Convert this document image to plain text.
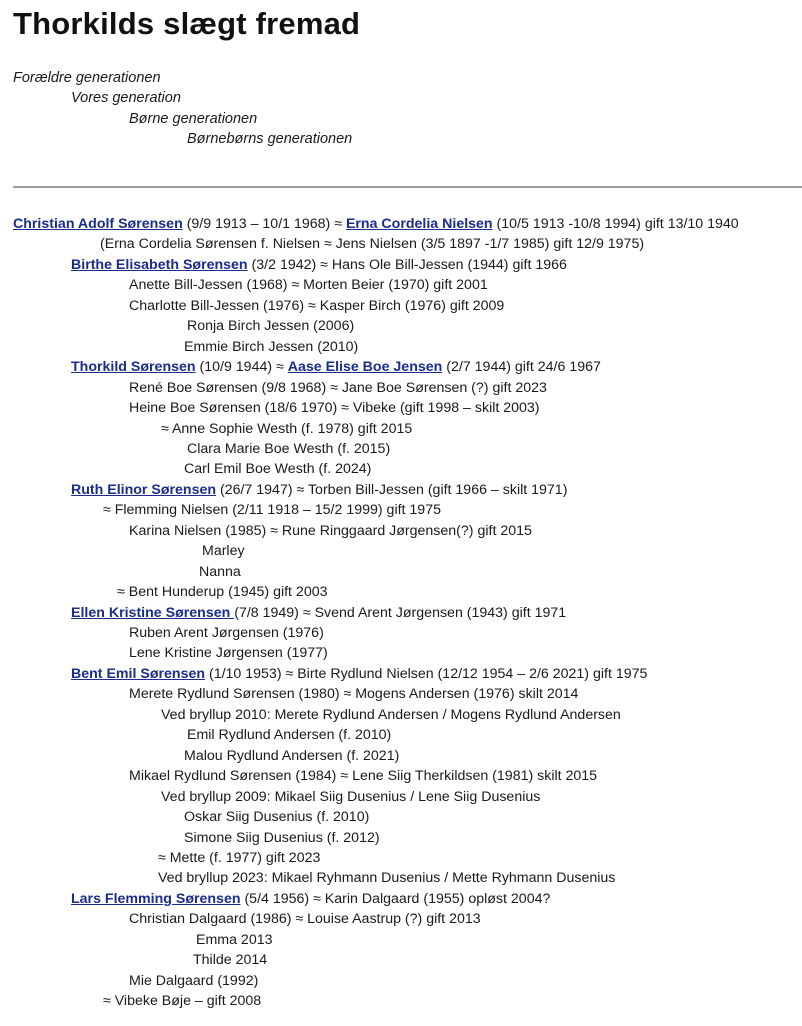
Thorkilds slægt fremad

Forældre generationen

Vores generation

Børne generationen

Børnebørns generationen

Christian Adolf Sørensen (9/9 1913 – 10/1 1968) ≈ Erna Cordelia Nielsen (10/5 1913 -10/8 1994) gift 13/10 1940
(Erna Cordelia Sørensen f. Nielsen ≈ Jens Nielsen (3/5 1897 -1/7 1985) gift 12/9 1975)
Birthe Elisabeth Sørensen (3/2 1942) ≈ Hans Ole Bill-Jessen (1944) gift 1966
Anette Bill-Jessen (1968) ≈ Morten Beier (1970) gift 2001
Charlotte Bill-Jessen (1976) ≈ Kasper Birch (1976) gift 2009
Ronja Birch Jessen (2006)
Emmie Birch Jessen (2010)
Thorkild Sørensen (10/9 1944) ≈ Aase Elise Boe Jensen (2/7 1944) gift 24/6 1967
René Boe Sørensen (9/8 1968) ≈ Jane Boe Sørensen (?) gift 2023
Heine Boe Sørensen (18/6 1970) ≈ Vibeke (gift 1998 – skilt 2003)
≈ Anne Sophie Westh (f. 1978) gift 2015
Clara Marie Boe Westh (f. 2015)
Carl Emil Boe Westh (f. 2024)
Ruth Elinor Sørensen (26/7 1947) ≈ Torben Bill-Jessen (gift 1966 – skilt 1971)
≈ Flemming Nielsen (2/11 1918 – 15/2 1999) gift 1975
Karina Nielsen (1985) ≈ Rune Ringgaard Jørgensen(?) gift 2015
Marley
Nanna
≈ Bent Hunderup (1945) gift 2003
Ellen Kristine Sørensen (7/8 1949) ≈ Svend Arent Jørgensen (1943) gift 1971
Ruben Arent Jørgensen (1976)
Lene Kristine Jørgensen (1977)
Bent Emil Sørensen (1/10 1953) ≈ Birte Rydlund Nielsen (12/12 1954 – 2/6 2021) gift 1975
Merete Rydlund Sørensen (1980) ≈ Mogens Andersen (1976) skilt 2014
Ved bryllup 2010: Merete Rydlund Andersen / Mogens Rydlund Andersen
Emil Rydlund Andersen (f. 2010)
Malou Rydlund Andersen (f. 2021)
Mikael Rydlund Sørensen (1984) ≈ Lene Siig Therkildsen (1981) skilt 2015
Ved bryllup 2009: Mikael Siig Dusenius / Lene Siig Dusenius
Oskar Siig Dusenius (f. 2010)
Simone Siig Dusenius (f. 2012)
≈ Mette (f. 1977) gift 2023
Ved bryllup 2023: Mikael Ryhmann Dusenius / Mette Ryhmann Dusenius
Lars Flemming Sørensen (5/4 1956) ≈ Karin Dalgaard (1955) opløst 2004?
Christian Dalgaard (1986) ≈ Louise Aastrup (?) gift 2013
Emma 2013
Thilde 2014
Mie Dalgaard (1992)
≈ Vibeke Bøje – gift 2008
